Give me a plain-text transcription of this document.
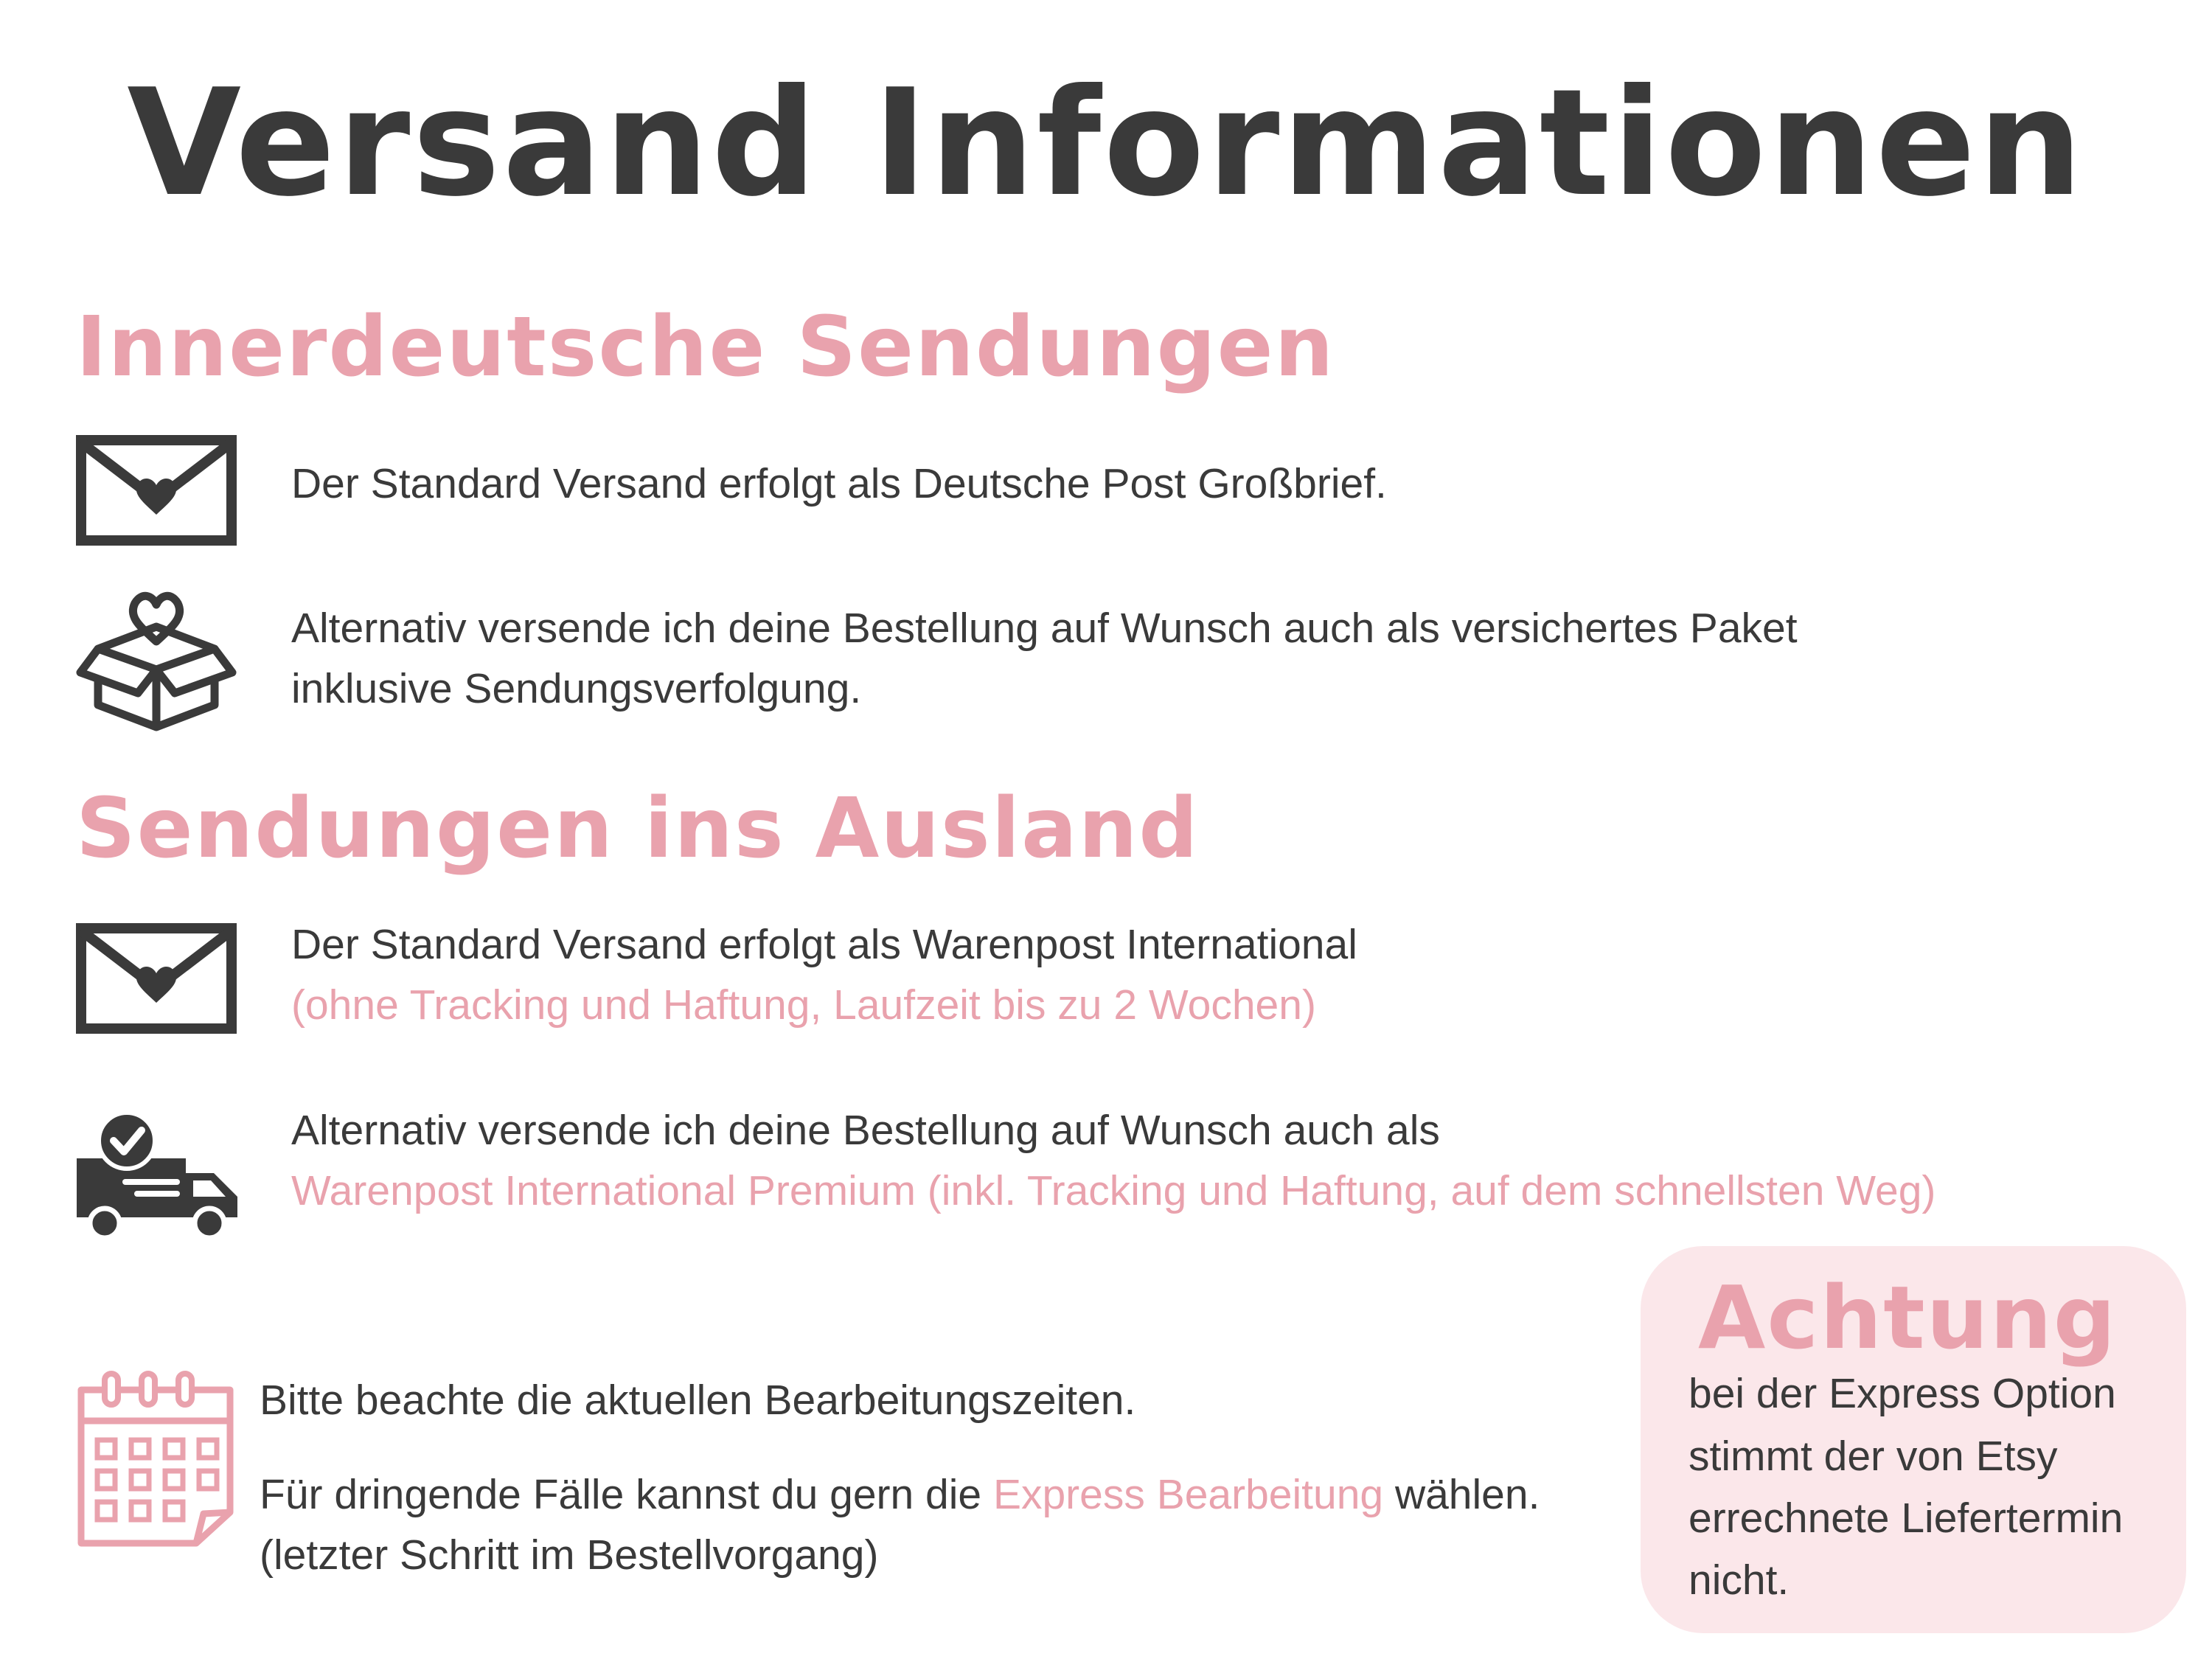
Versand Informationen
Innerdeutsche Sendungen
Der Standard Versand erfolgt als Deutsche Post Großbrief.
Alternativ versende ich deine Bestellung auf Wunsch auch als versichertes Paket
inklusive Sendungsverfolgung.
Sendungen ins Ausland
Der Standard Versand erfolgt als Warenpost International
(ohne Tracking und Haftung, Laufzeit bis zu 2 Wochen)
Alternativ versende ich deine Bestellung auf Wunsch auch als
Warenpost International Premium (inkl. Tracking und Haftung, auf dem schnellsten Weg)
Bitte beachte die aktuellen Bearbeitungszeiten.
Für dringende Fälle kannst du gern die Express Bearbeitung wählen.
(letzter Schritt im Bestellvorgang)
Achtung
bei der Express Option
stimmt der von Etsy
errechnete Liefertermin
nicht.
